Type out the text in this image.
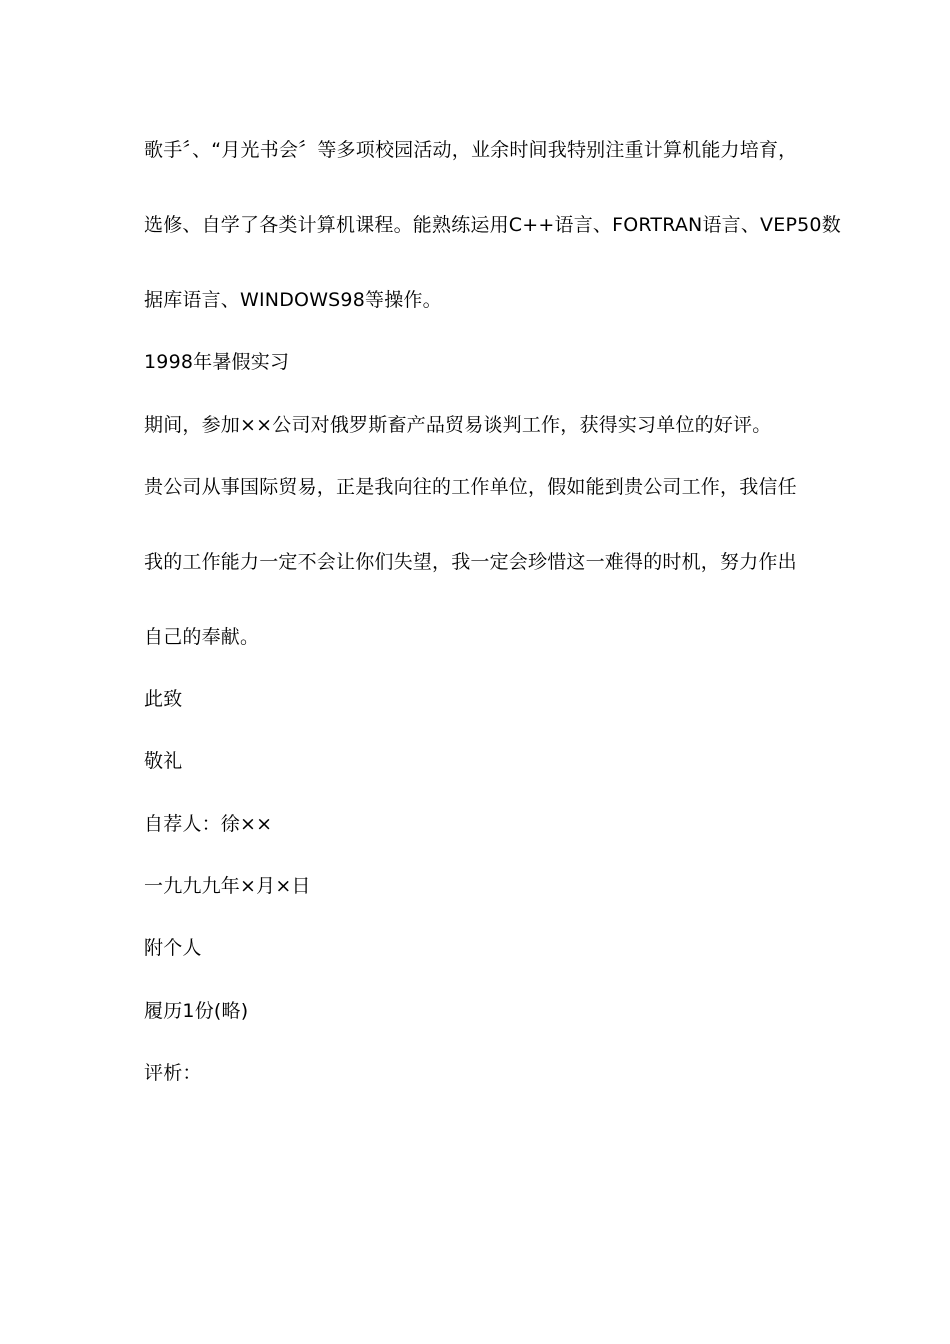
歌手〞、“月光书会〞等多项校园活动，业余时间我特别注重计算机能力培育，
选修、自学了各类计算机课程。能熟练运用C++语言、FORTRAN语言、VEP50数
据库语言、WINDOWS98等操作。
1998年暑假实习
期间，参加××公司对俄罗斯畜产品贸易谈判工作，获得实习单位的好评。
贵公司从事国际贸易，正是我向往的工作单位，假如能到贵公司工作，我信任
我的工作能力一定不会让你们失望，我一定会珍惜这一难得的时机，努力作出
自己的奉献。
此致
敬礼
自荐人：徐××
一九九九年×月×日
附个人
履历1份(略)
评析：
